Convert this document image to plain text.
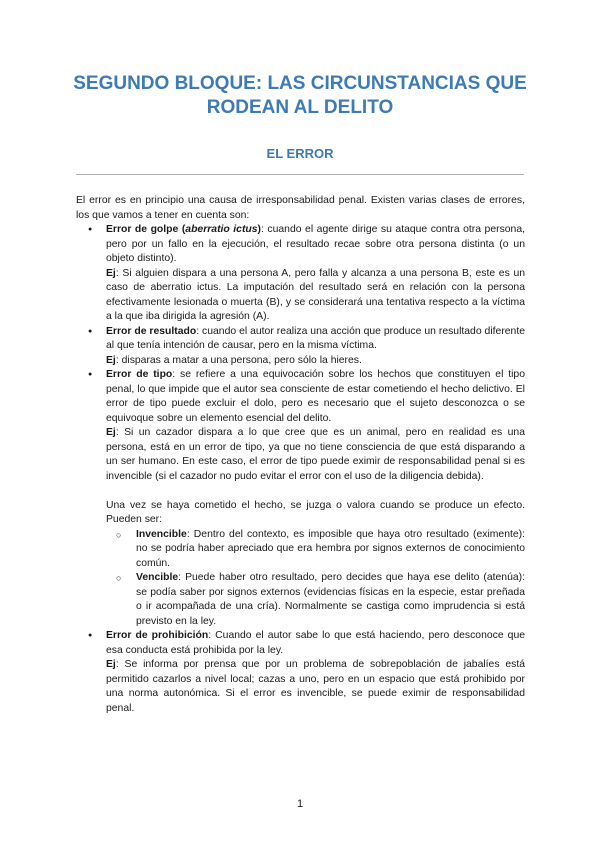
SEGUNDO BLOQUE: LAS CIRCUNSTANCIAS QUE
RODEAN AL DELITO
EL ERROR

El error es en principio una causa de irresponsabilidad penal. Existen varias clases de errores, los que vamos a tener en cuenta son:

● Error de golpe (aberratio ictus): cuando el agente dirige su ataque contra otra persona, pero por un fallo en la ejecución, el resultado recae sobre otra persona distinta (o un objeto distinto).

Ej: Si alguien dispara a una persona A, pero falla y alcanza a una persona B, este es un caso de aberratio ictus. La imputación del resultado será en relación con la persona efectivamente lesionada o muerta (B), y se considerará una tentativa respecto a la víctima a la que iba dirigida la agresión (A).

● Error de resultado: cuando el autor realiza una acción que produce un resultado diferente al que tenía intención de causar, pero en la misma víctima.

Ej: disparas a matar a una persona, pero sólo la hieres.

● Error de tipo: se refiere a una equivocación sobre los hechos que constituyen el tipo penal, lo que impide que el autor sea consciente de estar cometiendo el hecho delictivo. El error de tipo puede excluir el dolo, pero es necesario que el sujeto desconozca o se equivoque sobre un elemento esencial del delito.

Ej: Si un cazador dispara a lo que cree que es un animal, pero en realidad es una persona, está en un error de tipo, ya que no tiene consciencia de que está disparando a un ser humano. En este caso, el error de tipo puede eximir de responsabilidad penal si es invencible (si el cazador no pudo evitar el error con el uso de la diligencia debida).

Una vez se haya cometido el hecho, se juzga o valora cuando se produce un efecto. Pueden ser:

○ Invencible: Dentro del contexto, es imposible que haya otro resultado (eximente): no se podría haber apreciado que era hembra por signos externos de conocimiento común.
○ Vencible: Puede haber otro resultado, pero decides que haya ese delito (atenúa): se podía saber por signos externos (evidencias físicas en la especie, estar preñada o ir acompañada de una cría). Normalmente se castiga como imprudencia si está previsto en la ley.

● Error de prohibición: Cuando el autor sabe lo que está haciendo, pero desconoce que esa conducta está prohibida por la ley.

Ej: Se informa por prensa que por un problema de sobrepoblación de jabalíes está permitido cazarlos a nivel local; cazas a uno, pero en un espacio que está prohibido por una norma autonómica. Si el error es invencible, se puede eximir de responsabilidad penal.

1
